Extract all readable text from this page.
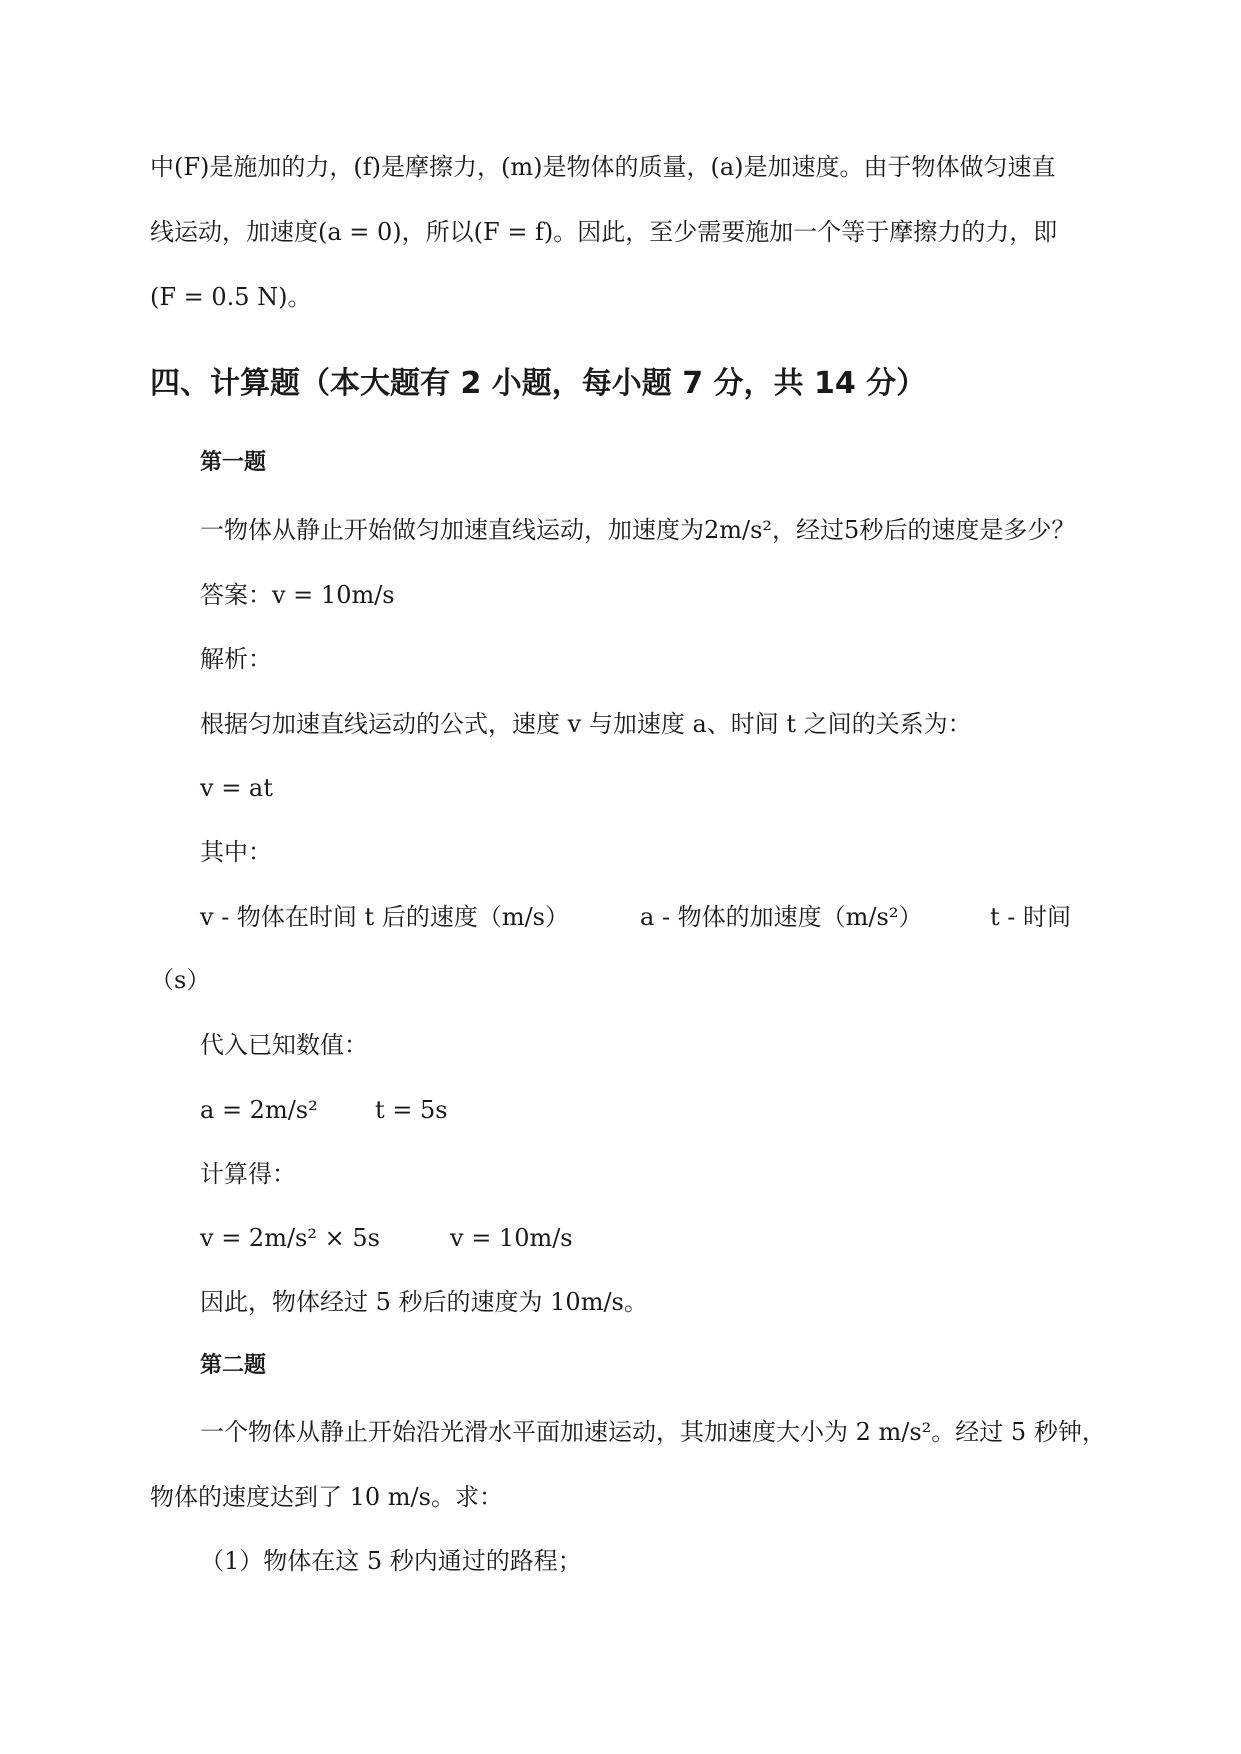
中(F)是施加的力，(f)是摩擦力，(m)是物体的质量，(a)是加速度。由于物体做匀速直
线运动，加速度(a = 0)，所以(F = f)。因此，至少需要施加一个等于摩擦力的力，即
(F = 0.5 N)。
四、计算题（本大题有 2 小题，每小题 7 分，共 14 分）
第一题
一物体从静止开始做匀加速直线运动，加速度为2m/s²，经过5秒后的速度是多少？
答案：v = 10m/s
解析：
根据匀加速直线运动的公式，速度 v 与加速度 a、时间 t 之间的关系为：
v = at
其中：
v - 物体在时间 t 后的速度（m/s）	a - 物体的加速度（m/s²）	t - 时间
（s）
代入已知数值：
a = 2m/s² t = 5s
计算得：
v = 2m/s² × 5s	v = 10m/s
因此，物体经过 5 秒后的速度为 10m/s。
第二题
一个物体从静止开始沿光滑水平面加速运动，其加速度大小为 2 m/s²。经过 5 秒钟，
物体的速度达到了 10 m/s。求：
（1）物体在这 5 秒内通过的路程；
